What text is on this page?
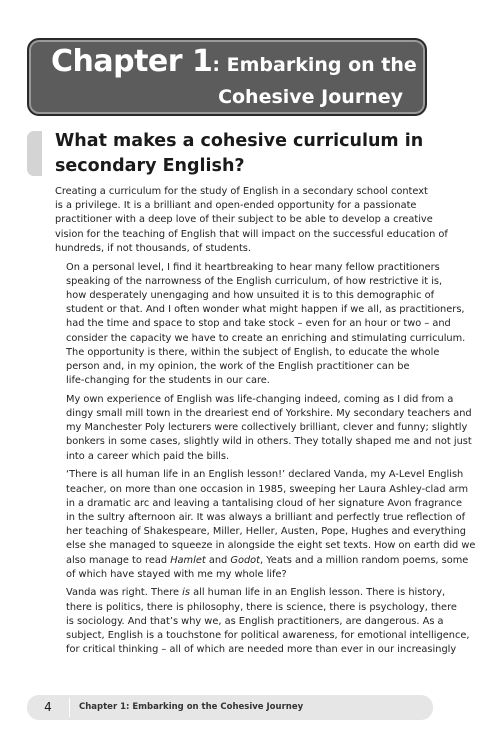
Chapter 1: Embarking on the
Cohesive Journey
What makes a cohesive curriculum in
secondary English?

Creating a curriculum for the study of English in a secondary school context
is a privilege. It is a brilliant and open-ended opportunity for a passionate
practitioner with a deep love of their subject to be able to develop a creative
vision for the teaching of English that will impact on the successful education of
hundreds, if not thousands, of students.

On a personal level, I find it heartbreaking to hear many fellow practitioners
speaking of the narrowness of the English curriculum, of how restrictive it is,
how desperately unengaging and how unsuited it is to this demographic of
student or that. And I often wonder what might happen if we all, as practitioners,
had the time and space to stop and take stock – even for an hour or two – and
consider the capacity we have to create an enriching and stimulating curriculum.
The opportunity is there, within the subject of English, to educate the whole
person and, in my opinion, the work of the English practitioner can be
life-changing for the students in our care.

My own experience of English was life-changing indeed, coming as I did from a
dingy small mill town in the dreariest end of Yorkshire. My secondary teachers and
my Manchester Poly lecturers were collectively brilliant, clever and funny; slightly
bonkers in some cases, slightly wild in others. They totally shaped me and not just
into a career which paid the bills.

‘There is all human life in an English lesson!’ declared Vanda, my A-Level English
teacher, on more than one occasion in 1985, sweeping her Laura Ashley-clad arm
in a dramatic arc and leaving a tantalising cloud of her signature Avon fragrance
in the sultry afternoon air. It was always a brilliant and perfectly true reflection of
her teaching of Shakespeare, Miller, Heller, Austen, Pope, Hughes and everything
else she managed to squeeze in alongside the eight set texts. How on earth did we
also manage to read Hamlet and Godot, Yeats and a million random poems, some
of which have stayed with me my whole life?

Vanda was right. There is all human life in an English lesson. There is history,
there is politics, there is philosophy, there is science, there is psychology, there
is sociology. And that’s why we, as English practitioners, are dangerous. As a
subject, English is a touchstone for political awareness, for emotional intelligence,
for critical thinking – all of which are needed more than ever in our increasingly

4	Chapter 1: Embarking on the Cohesive Journey
